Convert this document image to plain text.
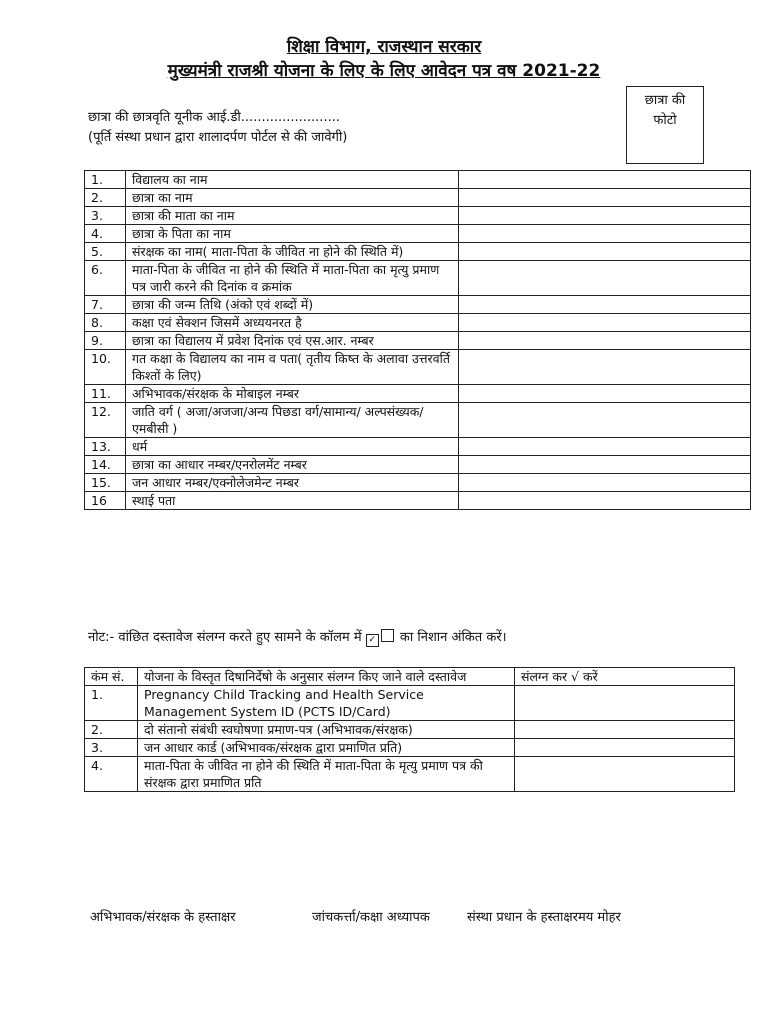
शिक्षा विभाग, राजस्थान सरकार
मुख्यमंत्री राजश्री योजना के लिए के लिए आवेदन पत्र वष 2021-22
छात्रा की छात्रवृति यूनीक आई.डी........................
(पूर्ति संस्था प्रधान द्वारा शालादर्पण पोर्टल से की जावेगी)
छात्रा की
फोटो
1.	विद्यालय का नाम	
2.	छात्रा का नाम	
3.	छात्रा की माता का नाम	
4.	छात्रा के पिता का नाम	
5.	संरक्षक का नाम( माता-पिता के जीवित ना होने की स्थिति में)	
6.	माता-पिता के जीवित ना होने की स्थिति में माता-पिता का मृत्यु प्रमाण पत्र जारी करने की दिनांक व क्रमांक	
7.	छात्रा की जन्म तिथि (अंको एवं शब्दों में)	
8.	कक्षा एवं सेक्शन जिसमें अध्ययनरत है	
9.	छात्रा का विद्यालय में प्रवेश दिनांक एवं एस.आर. नम्बर	
10.	गत कक्षा के विद्यालय का नाम व पता( तृतीय किष्त के अलावा उत्तरवर्ति किश्तों के लिए)	
11.	अभिभावक/संरक्षक के मोबाइल नम्बर	
12.	जाति वर्ग ( अजा/अजजा/अन्य पिछडा वर्ग/सामान्य/ अल्पसंख्यक/एमबीसी )	
13.	धर्म	
14.	छात्रा का आधार नम्बर/एनरोलमेंट नम्बर	
15.	जन आधार नम्बर/एक्नोलेजमेन्ट नम्बर	
16	स्थाई पता	
नोट:- वांछित दस्तावेज संलग्न करते हुए सामने के कॉलम में ✓ का निशान अंकित करें।
कंम सं.	योजना के विस्तृत दिषानिर्देषो के अनुसार संलग्न किए जाने वाले दस्तावेज	संलग्न कर √ करें
1.	Pregnancy Child Tracking and Health Service Management System ID (PCTS ID/Card)	
2.	दो संतानो संबंधी स्वघोषणा प्रमाण-पत्र (अभिभावक/संरक्षक)	
3.	जन आधार कार्ड (अभिभावक/संरक्षक द्वारा प्रमाणित प्रति)	
4.	माता-पिता के जीवित ना होने की स्थिति में माता-पिता के मृत्यु प्रमाण पत्र की संरक्षक द्वारा प्रमाणित प्रति	
अभिभावक/संरक्षक के हस्ताक्षर	जांचकर्त्ता/कक्षा अध्यापक	संस्था प्रधान के हस्ताक्षरमय मोहर
